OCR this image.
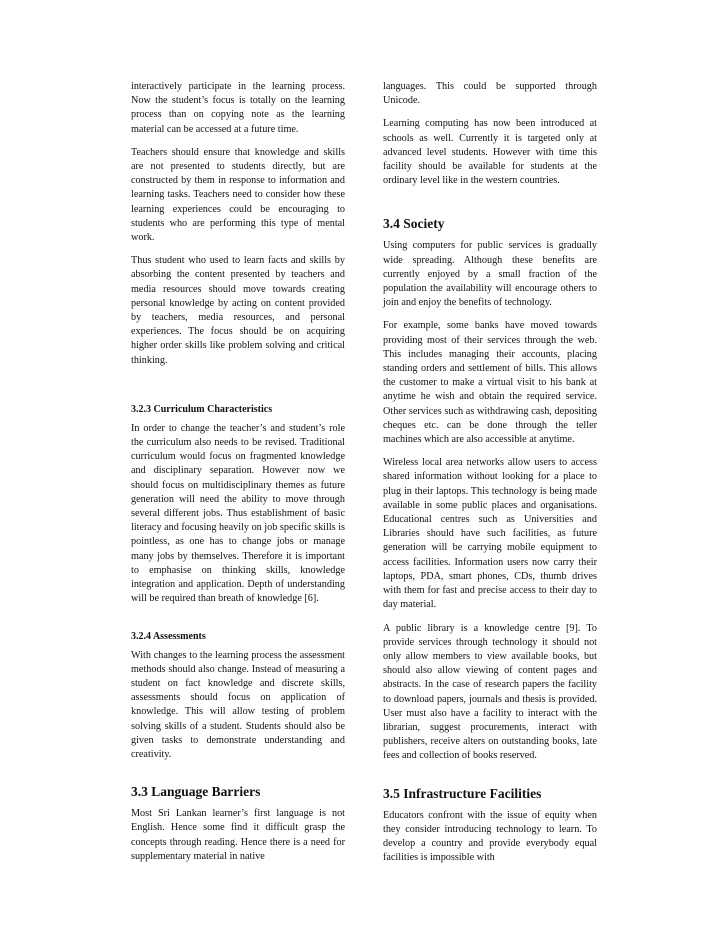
interactively participate in the learning process. Now the student’s focus is totally on the learning process than on copying note as the learning material can be accessed at a future time.

Teachers should ensure that knowledge and skills are not presented to students directly, but are constructed by them in response to information and learning tasks. Teachers need to consider how these learning experiences could be encouraging to students who are performing this type of mental work.

Thus student who used to learn facts and skills by absorbing the content presented by teachers and media resources should move towards creating personal knowledge by acting on content provided by teachers, media resources, and personal experiences. The focus should be on acquiring higher order skills like problem solving and critical thinking.

3.2.3 Curriculum Characteristics

In order to change the teacher’s and student’s role the curriculum also needs to be revised. Traditional curriculum would focus on fragmented knowledge and disciplinary separation. However now we should focus on multidisciplinary themes as future generation will need the ability to move through several different jobs. Thus establishment of basic literacy and focusing heavily on job specific skills is pointless, as one has to change jobs or manage many jobs by themselves. Therefore it is important to emphasise on thinking skills, knowledge integration and application. Depth of understanding will be required than breath of knowledge [6].

3.2.4 Assessments

With changes to the learning process the assessment methods should also change. Instead of measuring a student on fact knowledge and discrete skills, assessments should focus on application of knowledge. This will allow testing of problem solving skills of a student. Students should also be given tasks to demonstrate understanding and creativity.

3.3 Language Barriers

Most Sri Lankan learner’s first language is not English. Hence some find it difficult grasp the concepts through reading. Hence there is a need for supplementary material in native

languages. This could be supported through Unicode.

Learning computing has now been introduced at schools as well. Currently it is targeted only at advanced level students. However with time this facility should be available for students at the ordinary level like in the western countries.

3.4 Society

Using computers for public services is gradually wide spreading. Although these benefits are currently enjoyed by a small fraction of the population the availability will encourage others to join and enjoy the benefits of technology.

For example, some banks have moved towards providing most of their services through the web. This includes managing their accounts, placing standing orders and settlement of bills. This allows the customer to make a virtual visit to his bank at anytime he wish and obtain the required service. Other services such as withdrawing cash, depositing cheques etc. can be done through the teller machines which are also accessible at anytime.

Wireless local area networks allow users to access shared information without looking for a place to plug in their laptops. This technology is being made available in some public places and organisations. Educational centres such as Universities and Libraries should have such facilities, as future generation will be carrying mobile equipment to access facilities. Information users now carry their laptops, PDA, smart phones, CDs, thumb drives with them for fast and precise access to their day to day material.

A public library is a knowledge centre [9]. To provide services through technology it should not only allow members to view available books, but should also allow viewing of content pages and abstracts. In the case of research papers the facility to download papers, journals and thesis is provided. User must also have a facility to interact with the librarian, suggest procurements, interact with publishers, receive alters on outstanding books, late fees and collection of books reserved.

3.5 Infrastructure Facilities

Educators confront with the issue of equity when they consider introducing technology to learn. To develop a country and provide everybody equal facilities is impossible with
